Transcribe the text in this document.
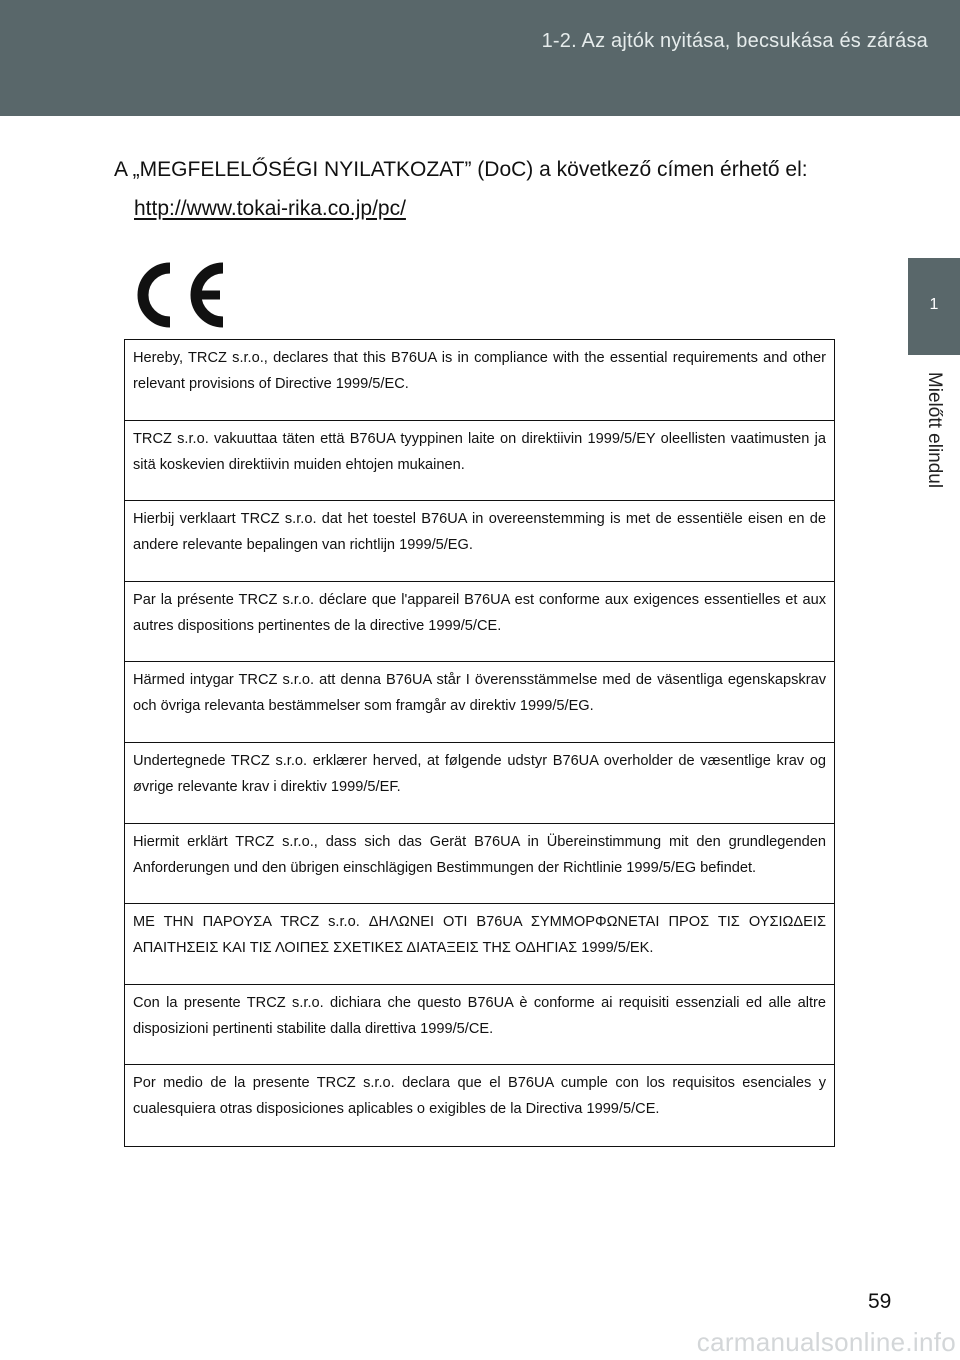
1-2. Az ajtók nyitása, becsukása és zárása
1
Mielőtt elindul
A „MEGFELELŐSÉGI NYILATKOZAT” (DoC) a következő címen érhető el:
http://www.tokai-rika.co.jp/pc/
Hereby, TRCZ s.r.o., declares that this B76UA is in compliance with the essential requirements and other relevant provisions of Directive 1999/5/EC.
TRCZ s.r.o. vakuuttaa täten että B76UA tyyppinen laite on direktiivin 1999/5/EY oleellisten vaatimusten ja sitä koskevien direktiivin muiden ehtojen mukainen.
Hierbij verklaart TRCZ s.r.o. dat het toestel B76UA in overeenstemming is met de essentiële eisen en de andere relevante bepalingen van richtlijn 1999/5/EG.
Par la présente TRCZ s.r.o. déclare que l'appareil B76UA est conforme aux exigences essentielles et aux autres dispositions pertinentes de la directive 1999/5/CE.
Härmed intygar TRCZ s.r.o. att denna B76UA står I överensstämmelse med de väsentliga egenskapskrav och övriga relevanta bestämmelser som framgår av direktiv 1999/5/EG.
Undertegnede TRCZ s.r.o. erklærer herved, at følgende udstyr B76UA overholder de væsentlige krav og øvrige relevante krav i direktiv 1999/5/EF.
Hiermit erklärt TRCZ s.r.o., dass sich das Gerät B76UA in Übereinstimmung mit den grundlegenden Anforderungen und den übrigen einschlägigen Bestimmungen der Richtlinie 1999/5/EG befindet.
ΜΕ ΤΗΝ ΠΑΡΟΥΣΑ TRCZ s.r.o. ΔΗΛΩΝΕΙ ΟΤΙ B76UA ΣΥΜΜΟΡΦΩΝΕΤΑΙ ΠΡΟΣ ΤΙΣ ΟΥΣΙΩΔΕΙΣ ΑΠΑΙΤΗΣΕΙΣ ΚΑΙ ΤΙΣ ΛΟΙΠΕΣ ΣΧΕΤΙΚΕΣ ΔΙΑΤΑΞΕΙΣ ΤΗΣ ΟΔΗΓΙΑΣ 1999/5/ΕΚ.
Con la presente TRCZ s.r.o. dichiara che questo B76UA è conforme ai requisiti essenziali ed alle altre disposizioni pertinenti stabilite dalla direttiva 1999/5/CE.
Por medio de la presente TRCZ s.r.o. declara que el B76UA cumple con los requisitos esenciales y cualesquiera otras disposiciones aplicables o exigibles de la Directiva 1999/5/CE.
59
carmanualsonline.info
